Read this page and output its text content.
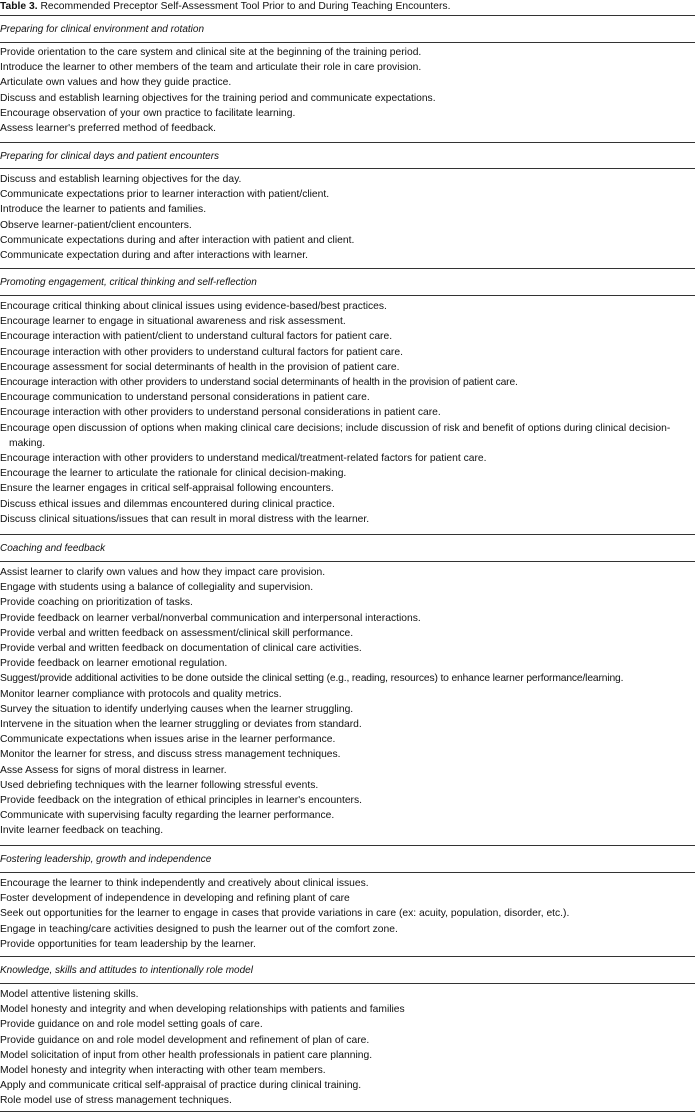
Table 3. Recommended Preceptor Self-Assessment Tool Prior to and During Teaching Encounters.
Preparing for clinical environment and rotation
Provide orientation to the care system and clinical site at the beginning of the training period.
Introduce the learner to other members of the team and articulate their role in care provision.
Articulate own values and how they guide practice.
Discuss and establish learning objectives for the training period and communicate expectations.
Encourage observation of your own practice to facilitate learning.
Assess learner's preferred method of feedback.
Preparing for clinical days and patient encounters
Discuss and establish learning objectives for the day.
Communicate expectations prior to learner interaction with patient/client.
Introduce the learner to patients and families.
Observe learner-patient/client encounters.
Communicate expectations during and after interaction with patient and client.
Communicate expectation during and after interactions with learner.
Promoting engagement, critical thinking and self-reflection
Encourage critical thinking about clinical issues using evidence-based/best practices.
Encourage learner to engage in situational awareness and risk assessment.
Encourage interaction with patient/client to understand cultural factors for patient care.
Encourage interaction with other providers to understand cultural factors for patient care.
Encourage assessment for social determinants of health in the provision of patient care.
Encourage interaction with other providers to understand social determinants of health in the provision of patient care.
Encourage communication to understand personal considerations in patient care.
Encourage interaction with other providers to understand personal considerations in patient care.
Encourage open discussion of options when making clinical care decisions; include discussion of risk and benefit of options during clinical decision-making.
Encourage interaction with other providers to understand medical/treatment-related factors for patient care.
Encourage the learner to articulate the rationale for clinical decision-making.
Ensure the learner engages in critical self-appraisal following encounters.
Discuss ethical issues and dilemmas encountered during clinical practice.
Discuss clinical situations/issues that can result in moral distress with the learner.
Coaching and feedback
Assist learner to clarify own values and how they impact care provision.
Engage with students using a balance of collegiality and supervision.
Provide coaching on prioritization of tasks.
Provide feedback on learner verbal/nonverbal communication and interpersonal interactions.
Provide verbal and written feedback on assessment/clinical skill performance.
Provide verbal and written feedback on documentation of clinical care activities.
Provide feedback on learner emotional regulation.
Suggest/provide additional activities to be done outside the clinical setting (e.g., reading, resources) to enhance learner performance/learning.
Monitor learner compliance with protocols and quality metrics.
Survey the situation to identify underlying causes when the learner struggling.
Intervene in the situation when the learner struggling or deviates from standard.
Communicate expectations when issues arise in the learner performance.
Monitor the learner for stress, and discuss stress management techniques.
Asse Assess for signs of moral distress in learner.
Used debriefing techniques with the learner following stressful events.
Provide feedback on the integration of ethical principles in learner's encounters.
Communicate with supervising faculty regarding the learner performance.
Invite learner feedback on teaching.
Fostering leadership, growth and independence
Encourage the learner to think independently and creatively about clinical issues.
Foster development of independence in developing and refining plant of care
Seek out opportunities for the learner to engage in cases that provide variations in care (ex: acuity, population, disorder, etc.).
Engage in teaching/care activities designed to push the learner out of the comfort zone.
Provide opportunities for team leadership by the learner.
Knowledge, skills and attitudes to intentionally role model
Model attentive listening skills.
Model honesty and integrity and when developing relationships with patients and families
Provide guidance on and role model setting goals of care.
Provide guidance on and role model development and refinement of plan of care.
Model solicitation of input from other health professionals in patient care planning.
Model honesty and integrity when interacting with other team members.
Apply and communicate critical self-appraisal of practice during clinical training.
Role model use of stress management techniques.
